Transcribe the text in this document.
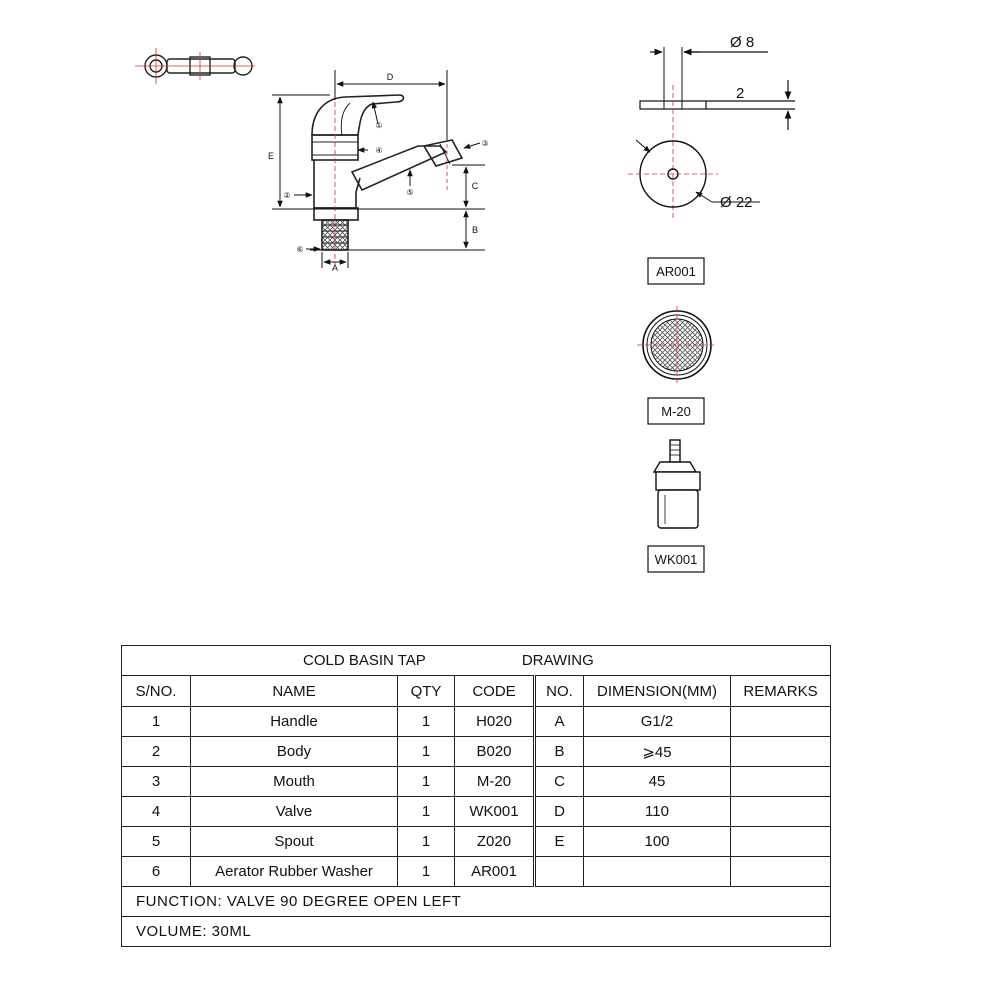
D
E
C
B
A
①
②
③
④
⑤
⑥
Ø 8
2
Ø 22
AR001
M-20
WK001
COLD BASIN TAP DRAWING						
S/NO.	NAME	QTY	CODE	NO.	DIMENSION(MM)	REMARKS
1	Handle	1	H020	A	G1/2	
2	Body	1	B020	B	⩾45	
3	Mouth	1	M-20	C	45	
4	Valve	1	WK001	D	110	
5	Spout	1	Z020	E	100	
6	Aerator Rubber Washer	1	AR001			
FUNCTION: VALVE 90 DEGREE OPEN LEFT						
VOLUME: 30ML						
